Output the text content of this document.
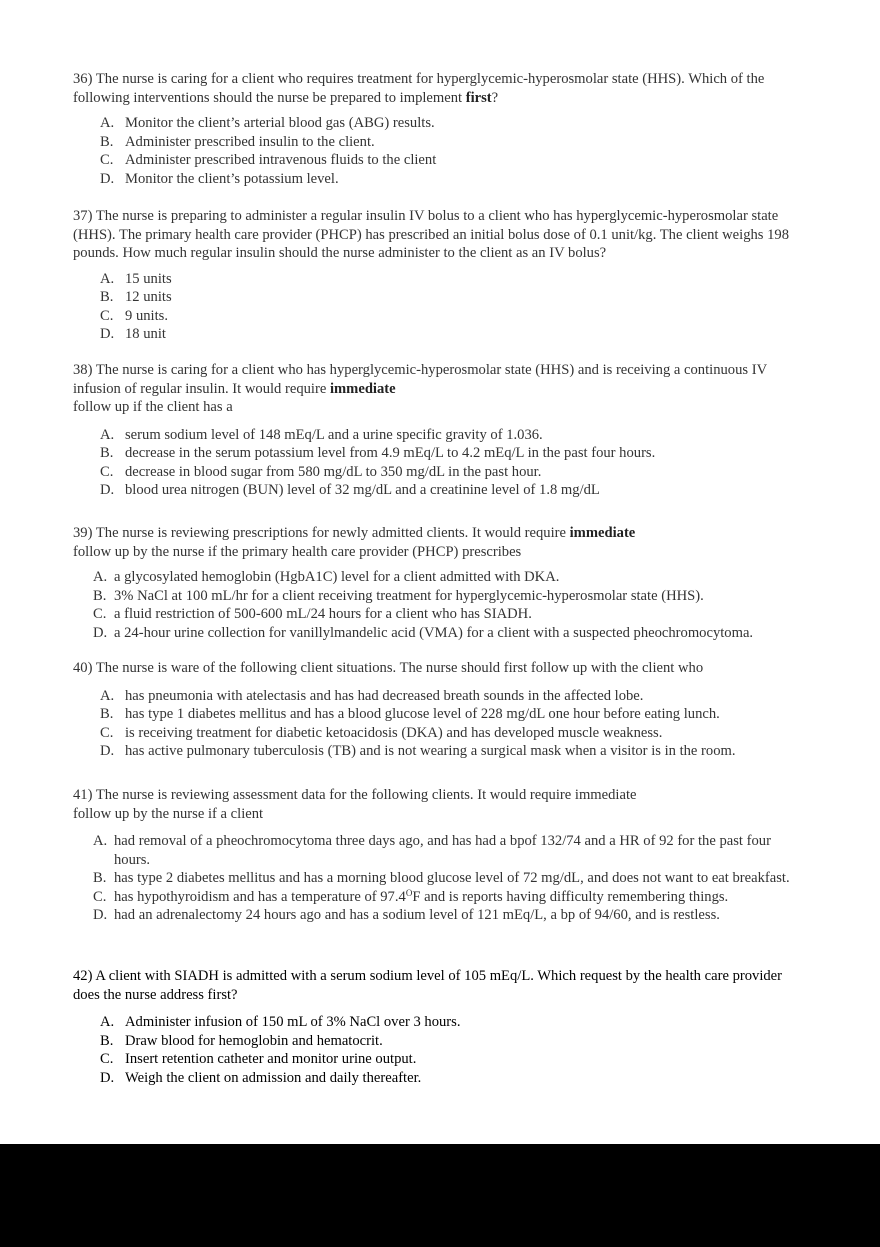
36) The nurse is caring for a client who requires treatment for hyperglycemic-hyperosmolar state (HHS). Which of the following interventions should the nurse be prepared to implement first?

A. Monitor the client’s arterial blood gas (ABG) results.
B. Administer prescribed insulin to the client.
C. Administer prescribed intravenous fluids to the client
D. Monitor the client’s potassium level.

37) The nurse is preparing to administer a regular insulin IV bolus to a client who has hyperglycemic-hyperosmolar state (HHS). The primary health care provider (PHCP) has prescribed an initial bolus dose of 0.1 unit/kg. The client weighs 198 pounds. How much regular insulin should the nurse administer to the client as an IV bolus?

A. 15 units
B. 12 units
C. 9 units.
D. 18 unit

38) The nurse is caring for a client who has hyperglycemic-hyperosmolar state (HHS) and is receiving a continuous IV infusion of regular insulin. It would require immediate
follow up if the client has a

A. serum sodium level of 148 mEq/L and a urine specific gravity of 1.036.
B. decrease in the serum potassium level from 4.9 mEq/L to 4.2 mEq/L in the past four hours.
C. decrease in blood sugar from 580 mg/dL to 350 mg/dL in the past hour.
D. blood urea nitrogen (BUN) level of 32 mg/dL and a creatinine level of 1.8 mg/dL

39) The nurse is reviewing prescriptions for newly admitted clients. It would require immediate
follow up by the nurse if the primary health care provider (PHCP) prescribes

A. a glycosylated hemoglobin (HgbA1C) level for a client admitted with DKA.
B. 3% NaCl at 100 mL/hr for a client receiving treatment for hyperglycemic-hyperosmolar state (HHS).
C. a fluid restriction of 500-600 mL/24 hours for a client who has SIADH.
D. a 24-hour urine collection for vanillylmandelic acid (VMA) for a client with a suspected pheochromocytoma.

40) The nurse is ware of the following client situations. The nurse should first follow up with the client who

A. has pneumonia with atelectasis and has had decreased breath sounds in the affected lobe.
B. has type 1 diabetes mellitus and has a blood glucose level of 228 mg/dL one hour before eating lunch.
C. is receiving treatment for diabetic ketoacidosis (DKA) and has developed muscle weakness.
D. has active pulmonary tuberculosis (TB) and is not wearing a surgical mask when a visitor is in the room.

41) The nurse is reviewing assessment data for the following clients. It would require immediate
follow up by the nurse if a client

A. had removal of a pheochromocytoma three days ago, and has had a bpof 132/74 and a HR of 92 for the past four hours.
B. has type 2 diabetes mellitus and has a morning blood glucose level of 72 mg/dL, and does not want to eat breakfast.
C. has hypothyroidism and has a temperature of $97.4^OF$ and is reports having difficulty remembering things.
D. had an adrenalectomy 24 hours ago and has a sodium level of 121 mEq/L, a bp of 94/60, and is restless.

42) A client with SIADH is admitted with a serum sodium level of 105 mEq/L. Which request by the health care provider does the nurse address first?

A. Administer infusion of 150 mL of 3% NaCl over 3 hours.
B. Draw blood for hemoglobin and hematocrit.
C. Insert retention catheter and monitor urine output.
D. Weigh the client on admission and daily thereafter.
